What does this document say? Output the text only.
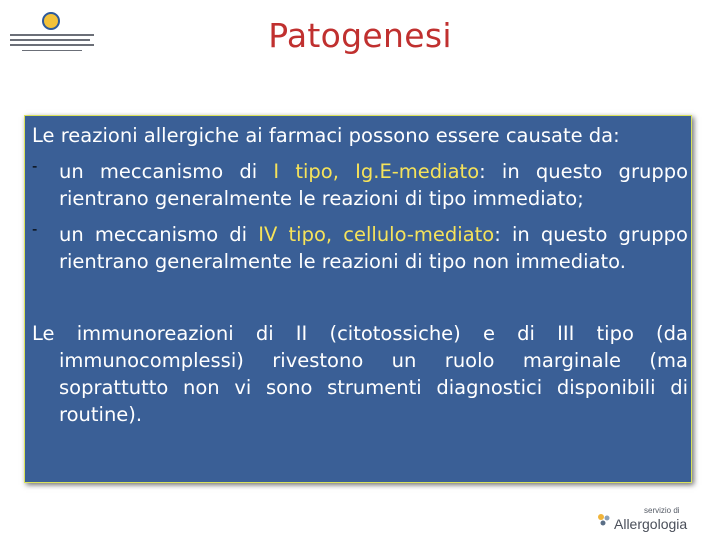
Patogenesi
Le reazioni allergiche ai farmaci possono essere causate da:
- un meccanismo di I tipo, Ig.E-mediato: in questo gruppo rientrano generalmente le reazioni di tipo immediato;
- un meccanismo di IV tipo, cellulo-mediato: in questo gruppo rientrano generalmente le reazioni di tipo non immediato.
Le immunoreazioni di II (citotossiche) e di III tipo (da
immunocomplessi) rivestono un ruolo marginale (ma soprattutto non vi sono strumenti diagnostici disponibili di routine).
servizio di
Allergologia
